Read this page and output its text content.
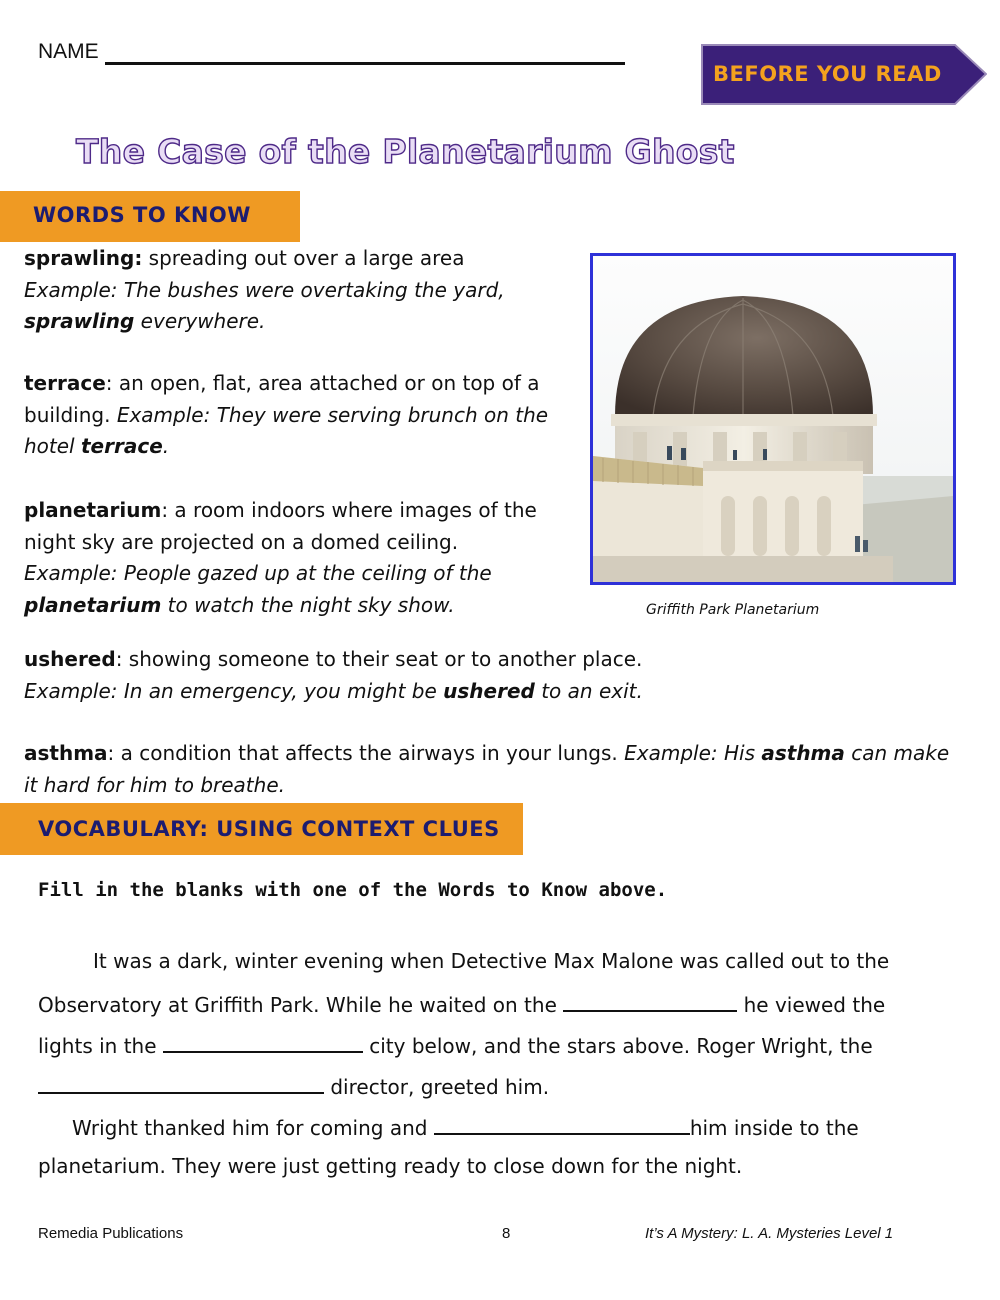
NAME
BEFORE YOU READ
The Case of the Planetarium Ghost
WORDS TO KNOW
sprawling: spreading out over a large area
Example: The bushes were overtaking the yard,
sprawling everywhere.
terrace: an open, flat, area attached or on top of a building. Example: They were serving brunch on the hotel terrace.
planetarium: a room indoors where images of the night sky are projected on a domed ceiling.
Example: People gazed up at the ceiling of the planetarium to watch the night sky show.	Griffith Park Planetarium
ushered: showing someone to their seat or to another place.
Example: In an emergency, you might be ushered to an exit.
asthma: a condition that affects the airways in your lungs. Example: His asthma can make it hard for him to breathe.
VOCABULARY: USING CONTEXT CLUES
Fill in the blanks with one of the Words to Know above.
It was a dark, winter evening when Detective Max Malone was called out to the
Observatory at Griffith Park. While he waited on the	he viewed the
lights in the	city below, and the stars above. Roger Wright, the
director, greeted him.
Wright thanked him for coming and	him inside to the
planetarium. They were just getting ready to close down for the night.
Remedia Publications	8	It’s A Mystery: L. A. Mysteries Level 1
